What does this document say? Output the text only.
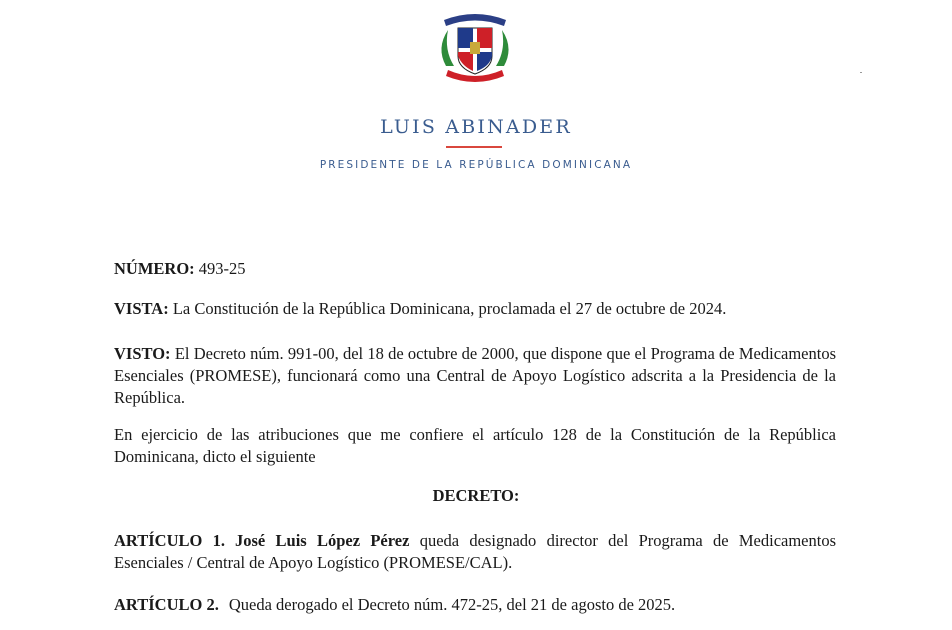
LUIS ABINADER
PRESIDENTE DE LA REPÚBLICA DOMINICANA
NÚMERO: 493-25
VISTA: La Constitución de la República Dominicana, proclamada el 27 de octubre de 2024.
VISTO: El Decreto núm. 991-00, del 18 de octubre de 2000, que dispone que el Programa de Medicamentos Esenciales (PROMESE), funcionará como una Central de Apoyo Logístico adscrita a la Presidencia de la República.
En ejercicio de las atribuciones que me confiere el artículo 128 de la Constitución de la República Dominicana, dicto el siguiente
DECRETO:
ARTÍCULO 1. José Luis López Pérez queda designado director del Programa de Medicamentos Esenciales / Central de Apoyo Logístico (PROMESE/CAL).
ARTÍCULO 2. Queda derogado el Decreto núm. 472-25, del 21 de agosto de 2025.
